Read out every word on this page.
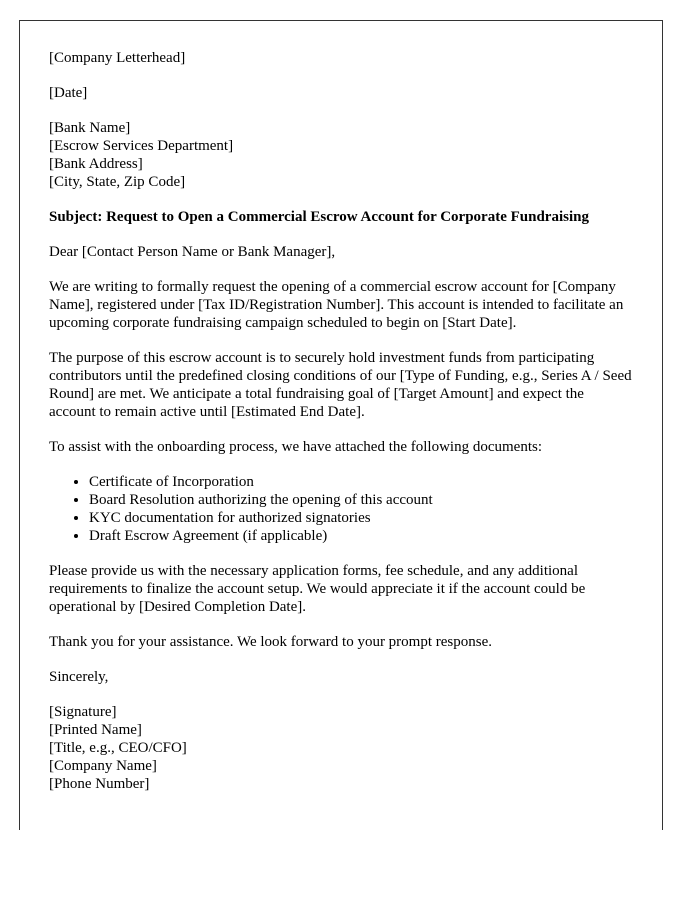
[Company Letterhead]

[Date]

[Bank Name]
[Escrow Services Department]
[Bank Address]
[City, State, Zip Code]

Subject: Request to Open a Commercial Escrow Account for Corporate Fundraising

Dear [Contact Person Name or Bank Manager],

We are writing to formally request the opening of a commercial escrow account for [Company Name], registered under [Tax ID/Registration Number]. This account is intended to facilitate an upcoming corporate fundraising campaign scheduled to begin on [Start Date].

The purpose of this escrow account is to securely hold investment funds from participating contributors until the predefined closing conditions of our [Type of Funding, e.g., Series A / Seed Round] are met. We anticipate a total fundraising goal of [Target Amount] and expect the account to remain active until [Estimated End Date].

To assist with the onboarding process, we have attached the following documents:

• Certificate of Incorporation
• Board Resolution authorizing the opening of this account
• KYC documentation for authorized signatories
• Draft Escrow Agreement (if applicable)

Please provide us with the necessary application forms, fee schedule, and any additional requirements to finalize the account setup. We would appreciate it if the account could be operational by [Desired Completion Date].

Thank you for your assistance. We look forward to your prompt response.

Sincerely,

[Signature]
[Printed Name]
[Title, e.g., CEO/CFO]
[Company Name]
[Phone Number]
